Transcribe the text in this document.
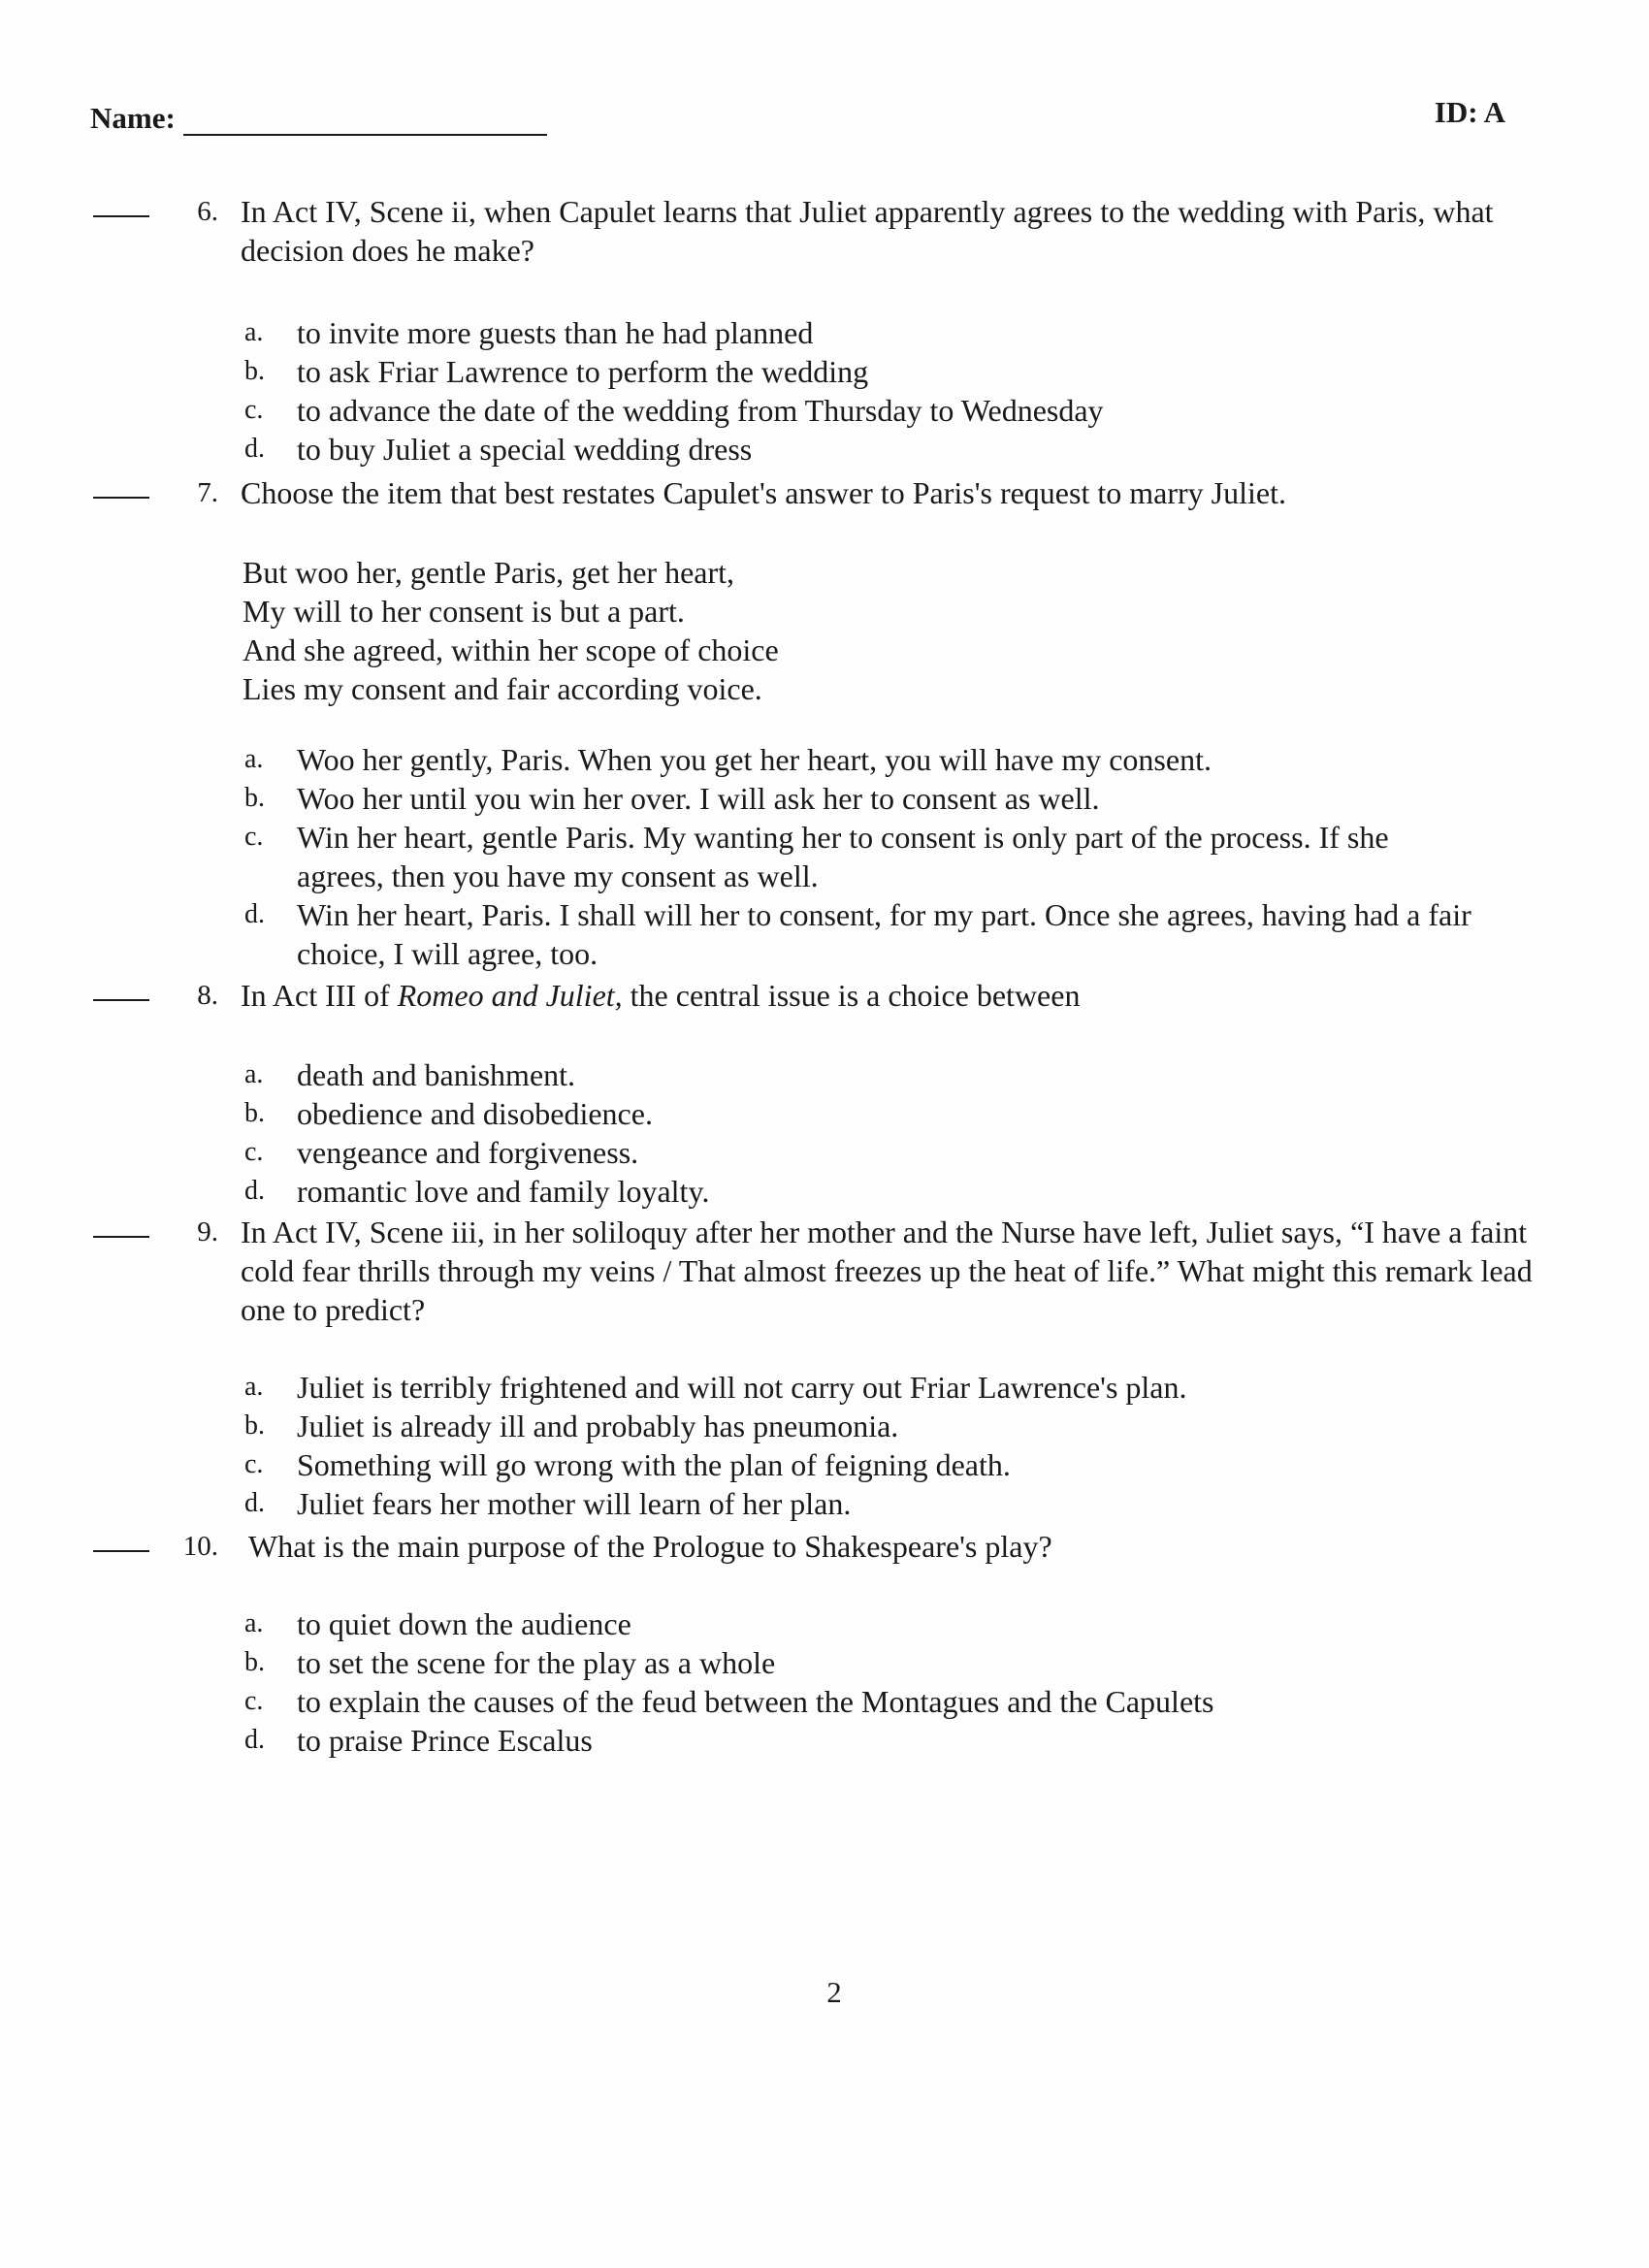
Name:	ID: A
6. In Act IV, Scene ii, when Capulet learns that Juliet apparently agrees to the wedding with Paris, what decision does he make?
a. to invite more guests than he had planned
b. to ask Friar Lawrence to perform the wedding
c. to advance the date of the wedding from Thursday to Wednesday
d. to buy Juliet a special wedding dress
7. Choose the item that best restates Capulet's answer to Paris's request to marry Juliet.
But woo her, gentle Paris, get her heart,
My will to her consent is but a part.
And she agreed, within her scope of choice
Lies my consent and fair according voice.
a. Woo her gently, Paris. When you get her heart, you will have my consent.
b. Woo her until you win her over. I will ask her to consent as well.
c. Win her heart, gentle Paris. My wanting her to consent is only part of the process. If she agrees, then you have my consent as well.
d. Win her heart, Paris. I shall will her to consent, for my part. Once she agrees, having had a fair choice, I will agree, too.
8. In Act III of Romeo and Juliet, the central issue is a choice between
a. death and banishment.
b. obedience and disobedience.
c. vengeance and forgiveness.
d. romantic love and family loyalty.
9. In Act IV, Scene iii, in her soliloquy after her mother and the Nurse have left, Juliet says, “I have a faint cold fear thrills through my veins / That almost freezes up the heat of life.” What might this remark lead one to predict?
a. Juliet is terribly frightened and will not carry out Friar Lawrence's plan.
b. Juliet is already ill and probably has pneumonia.
c. Something will go wrong with the plan of feigning death.
d. Juliet fears her mother will learn of her plan.
10. What is the main purpose of the Prologue to Shakespeare's play?
a. to quiet down the audience
b. to set the scene for the play as a whole
c. to explain the causes of the feud between the Montagues and the Capulets
d. to praise Prince Escalus
2
